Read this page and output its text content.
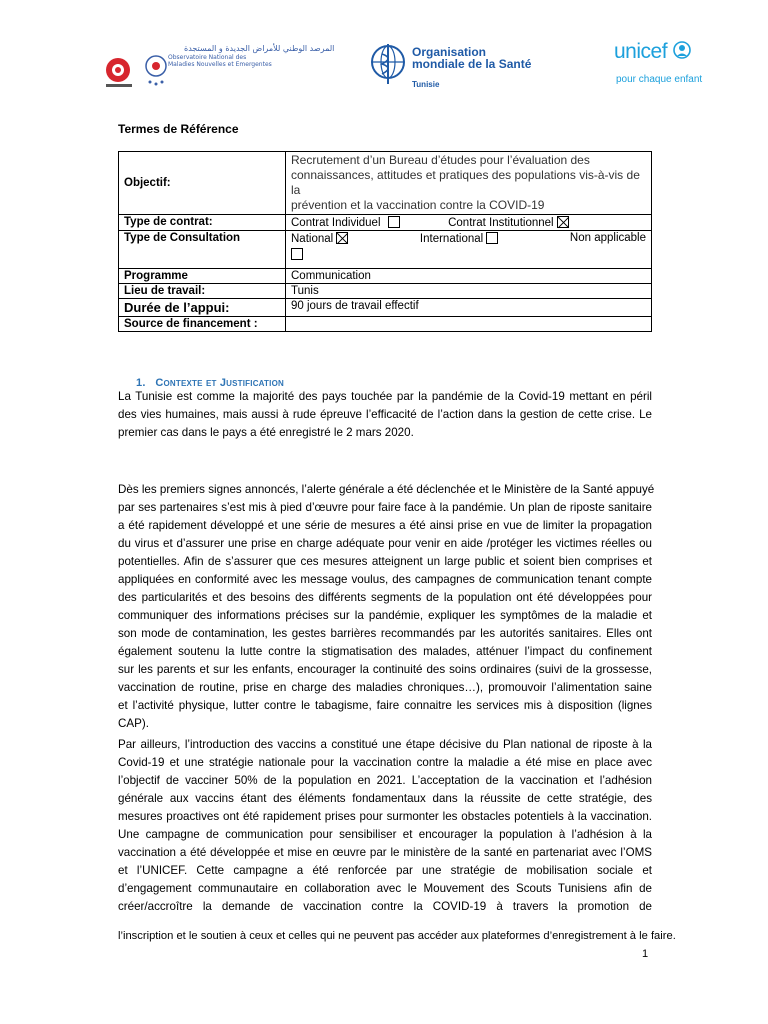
المرصد الوطني للأمراض الجديدة و المستجدة
Observatoire National des
Maladies Nouvelles et Emergentes
Organisation
mondiale de la Santé
Tunisie
unicef
pour chaque enfant
Termes de Référence
Objectif:	Recrutement d’un Bureau d’études pour l’évaluation des
connaissances, attitudes et pratiques des populations vis-à-vis de la
prévention et la vaccination contre la COVID-19
Type de contrat:	Contrat Individuel Contrat Institutionnel
Type de Consultation	National International Non applicable

Programme	Communication
Lieu de travail:	Tunis
Durée de l’appui:	90 jours de travail effectif
Source de financement :	
1. Contexte et Justification
La Tunisie est comme la majorité des pays touchée par la pandémie de la Covid-19 mettant en péril
des vies humaines, mais aussi à rude épreuve l’efficacité de l’action dans la gestion de cette crise. Le
premier cas dans le pays a été enregistré le 2 mars 2020.
Dès les premiers signes annoncés, l’alerte générale a été déclenchée et le Ministère de la Santé appuyé
par ses partenaires s’est mis à pied d’œuvre pour faire face à la pandémie. Un plan de riposte sanitaire
a été rapidement développé et une série de mesures a été ainsi prise en vue de limiter la propagation
du virus et d’assurer une prise en charge adéquate pour venir en aide /protéger les victimes réelles ou
potentielles. Afin de s’assurer que ces mesures atteignent un large public et soient bien comprises et
appliquées en conformité avec les message voulus, des campagnes de communication tenant compte
des particularités et des besoins des différents segments de la population ont été développées pour
communiquer des informations précises sur la pandémie, expliquer les symptômes de la maladie et
son mode de contamination, les gestes barrières recommandés par les autorités sanitaires. Elles ont
également soutenu la lutte contre la stigmatisation des malades, atténuer l’impact du confinement
sur les parents et sur les enfants, encourager la continuité des soins ordinaires (suivi de la grossesse,
vaccination de routine, prise en charge des maladies chroniques…), promouvoir l’alimentation saine
et l’activité physique, lutter contre le tabagisme, faire connaitre les services mis à disposition (lignes
CAP).
Par ailleurs, l’introduction des vaccins a constitué une étape décisive du Plan national de riposte à la
Covid-19 et une stratégie nationale pour la vaccination contre la maladie a été mise en place avec
l’objectif de vacciner 50% de la population en 2021. L’acceptation de la vaccination et l’adhésion
générale aux vaccins étant des éléments fondamentaux dans la réussite de cette stratégie, des
mesures proactives ont été rapidement prises pour surmonter les obstacles potentiels à la vaccination.
Une campagne de communication pour sensibiliser et encourager la population à l’adhésion à la
vaccination a été développée et mise en œuvre par le ministère de la santé en partenariat avec l’OMS
et l’UNICEF. Cette campagne a été renforcée par une stratégie de mobilisation sociale et
d’engagement communautaire en collaboration avec le Mouvement des Scouts Tunisiens afin de
créer/accroître la demande de vaccination contre la COVID-19 à travers la promotion de
l’inscription et le soutien à ceux et celles qui ne peuvent pas accéder aux plateformes d’enregistrement à le faire.
1
